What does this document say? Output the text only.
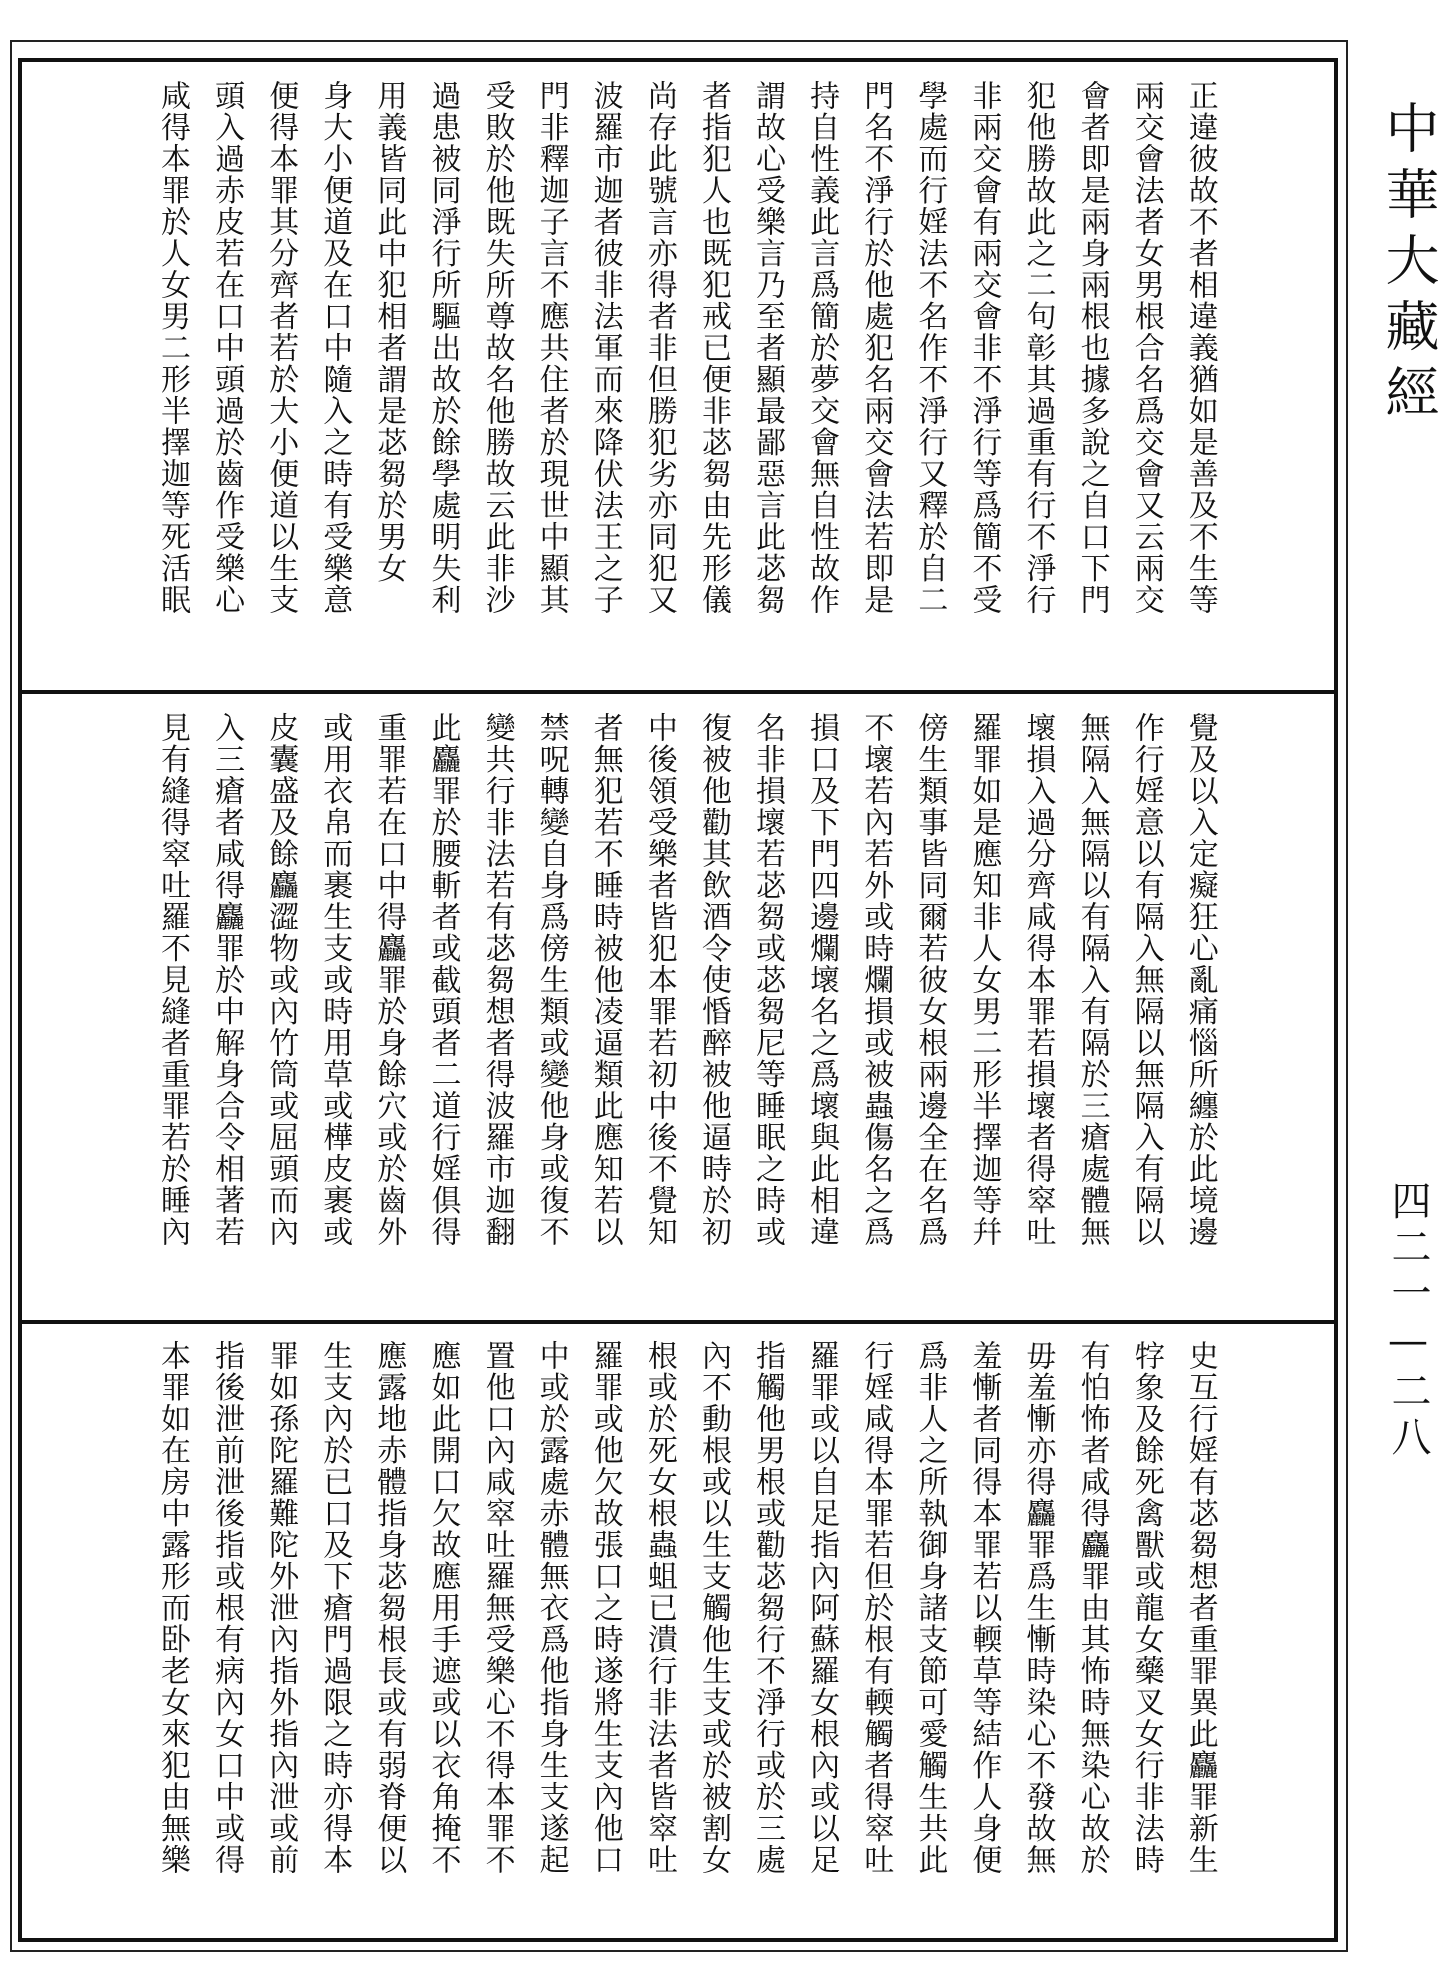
正違彼故不者相違義猶如是善及不生等
兩交會法者女男根合名爲交會又云兩交
會者即是兩身兩根也據多說之自口下門
犯他勝故此之二句彰其過重有行不淨行
非兩交會有兩交會非不淨行等爲簡不受
學處而行婬法不名作不淨行又釋於自二
門名不淨行於他處犯名兩交會法若即是
持自性義此言爲簡於夢交會無自性故作
謂故心受樂言乃至者顯最鄙惡言此苾芻
者指犯人也既犯戒已便非苾芻由先形儀
尚存此號言亦得者非但勝犯劣亦同犯又
波羅市迦者彼非法軍而來降伏法王之子
門非釋迦子言不應共住者於現世中顯其
受敗於他既失所尊故名他勝故云此非沙
過患被同淨行所驅出故於餘學處明失利
用義皆同此中犯相者謂是苾芻於男女
身大小便道及在口中隨入之時有受樂意
便得本罪其分齊者若於大小便道以生支
頭入過赤皮若在口中頭過於齒作受樂心
咸得本罪於人女男二形半擇迦等死活眠
覺及以入定癡狂心亂痛惱所纏於此境邊
作行婬意以有隔入無隔以無隔入有隔以
無隔入無隔以有隔入有隔於三瘡處體無
壞損入過分齊咸得本罪若損壞者得窣吐
羅罪如是應知非人女男二形半擇迦等幷
傍生類事皆同爾若彼女根兩邊全在名爲
不壞若內若外或時爛損或被蟲傷名之爲
損口及下門四邊爛壞名之爲壞與此相違
名非損壞若苾芻或苾芻尼等睡眠之時或
復被他勸其飲酒令使惛醉被他逼時於初
中後領受樂者皆犯本罪若初中後不覺知
者無犯若不睡時被他凌逼類此應知若以
禁呪轉變自身爲傍生類或變他身或復不
變共行非法若有苾芻想者得波羅市迦翻
此麤罪於腰斬者或截頭者二道行婬俱得
重罪若在口中得麤罪於身餘穴或於齒外
或用衣帛而裹生支或時用草或樺皮裹或
皮囊盛及餘麤澀物或內竹筒或屈頭而內
入三瘡者咸得麤罪於中解身合令相著若
見有縫得窣吐羅不見縫者重罪若於睡內
史互行婬有苾芻想者重罪異此麤罪新生
牸象及餘死禽獸或龍女藥叉女行非法時
有怕怖者咸得麤罪由其怖時無染心故於
毋羞慚亦得麤罪爲生慚時染心不發故無
羞慚者同得本罪若以輭草等結作人身便
爲非人之所執御身諸支節可愛觸生共此
行婬咸得本罪若但於根有輭觸者得窣吐
羅罪或以自足指內阿蘇羅女根內或以足
指觸他男根或勸苾芻行不淨行或於三處
內不動根或以生支觸他生支或於被割女
根或於死女根蟲蛆已潰行非法者皆窣吐
羅罪或他欠故張口之時遂將生支內他口
中或於露處赤體無衣爲他指身生支遂起
置他口內咸窣吐羅無受樂心不得本罪不
應如此開口欠故應用手遮或以衣角掩不
應露地赤體指身苾芻根長或有弱脊便以
生支內於已口及下瘡門過限之時亦得本
罪如孫陀羅難陀外泄內指外指內泄或前
指後泄前泄後指或根有病內女口中或得
本罪如在房中露形而卧老女來犯由無樂
中華大藏經
四二一—二八
